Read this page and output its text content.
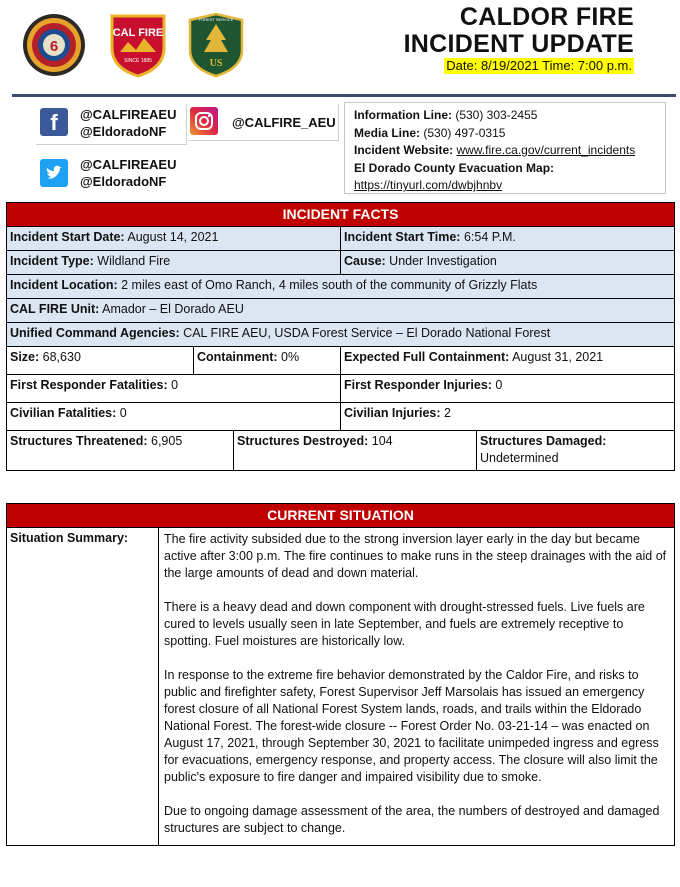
6
CAL FIRE
SINCE 1885	US
FOREST SERVICE	CALDOR FIRE
INCIDENT UPDATE
Date: 8/19/2021 Time: 7:00 p.m.
f	@CALFIREAEU
@EldoradoNF
@CALFIRE_AEU
@CALFIREAEU
@EldoradoNF
Information Line: (530) 303-2455
Media Line: (530) 497-0315
Incident Website: www.fire.ca.gov/current_incidents
El Dorado County Evacuation Map:
https://tinyurl.com/dwbjhnbv
INCIDENT FACTS				
Incident Start Date: August 14, 2021			Incident Start Time: 6:54 P.M.	
Incident Type: Wildland Fire			Cause: Under Investigation	
Incident Location: 2 miles east of Omo Ranch, 4 miles south of the community of Grizzly Flats				
CAL FIRE Unit: Amador – El Dorado AEU				
Unified Command Agencies: CAL FIRE AEU, USDA Forest Service – El Dorado National Forest				
Size: 68,630	Containment: 0%		Expected Full Containment: August 31, 2021	
First Responder Fatalities: 0			First Responder Injuries: 0	
Civilian Fatalities: 0			Civilian Injuries: 2	
Structures Threatened: 6,905		Structures Destroyed: 104		Structures Damaged:
Undetermined
CURRENT SITUATION
Situation Summary:	The fire activity subsided due to the strong inversion layer early in the day but became active after 3:00 p.m. The fire continues to make runs in the steep drainages with the aid of the large amounts of dead and down material.

There is a heavy dead and down component with drought-stressed fuels. Live fuels are cured to levels usually seen in late September, and fuels are extremely receptive to spotting. Fuel moistures are historically low.

In response to the extreme fire behavior demonstrated by the Caldor Fire, and risks to public and firefighter safety, Forest Supervisor Jeff Marsolais has issued an emergency forest closure of all National Forest System lands, roads, and trails within the Eldorado National Forest. The forest-wide closure -- Forest Order No. 03-21-14 – was enacted on August 17, 2021, through September 30, 2021 to facilitate unimpeded ingress and egress for evacuations, emergency response, and property access. The closure will also limit the public's exposure to fire danger and impaired visibility due to smoke.

Due to ongoing damage assessment of the area, the numbers of destroyed and damaged structures are subject to change.
